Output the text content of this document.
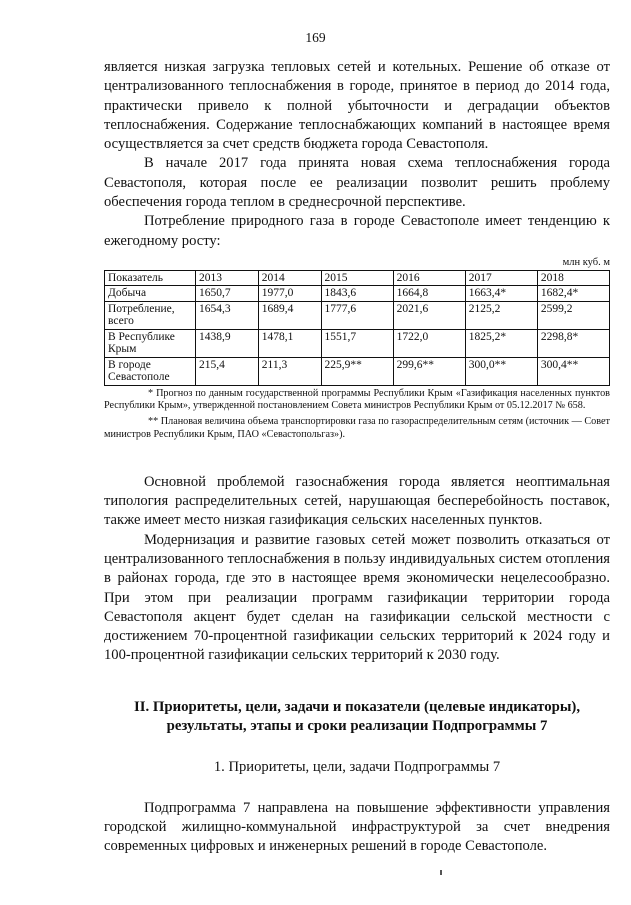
169

является низкая загрузка тепловых сетей и котельных. Решение об отказе от централизованного теплоснабжения в городе, принятое в период до 2014 года, практически привело к полной убыточности и деградации объектов теплоснабжения. Содержание теплоснабжающих компаний в настоящее время осуществляется за счет средств бюджета города Севастополя.

В начале 2017 года принята новая схема теплоснабжения города Севастополя, которая после ее реализации позволит решить проблему обеспечения города теплом в среднесрочной перспективе.

Потребление природного газа в городе Севастополе имеет тенденцию к ежегодному росту:

млн куб. м
Показатель	2013	2014	2015	2016	2017	2018
Добыча	1650,7	1977,0	1843,6	1664,8	1663,4*	1682,4*
Потребление, всего	1654,3	1689,4	1777,6	2021,6	2125,2	2599,2
В Республике Крым	1438,9	1478,1	1551,7	1722,0	1825,2*	2298,8*
В городе Севастополе	215,4	211,3	225,9**	299,6**	300,0**	300,4**

* Прогноз по данным государственной программы Республики Крым «Газификация населенных пунктов Республики Крым», утвержденной постановлением Совета министров Республики Крым от 05.12.2017 № 658.

** Плановая величина объема транспортировки газа по газораспределительным сетям (источник — Совет министров Республики Крым, ПАО «Севастопольгаз»).

Основной проблемой газоснабжения города является неоптимальная типология распределительных сетей, нарушающая бесперебойность поставок, также имеет место низкая газификация сельских населенных пунктов.

Модернизация и развитие газовых сетей может позволить отказаться от централизованного теплоснабжения в пользу индивидуальных систем отопления в районах города, где это в настоящее время экономически нецелесообразно. При этом при реализации программ газификации территории города Севастополя акцент будет сделан на газификации сельской местности с достижением 70-процентной газификации сельских территорий к 2024 году и 100-процентной газификации сельских территорий к 2030 году.

II. Приоритеты, цели, задачи и показатели (целевые индикаторы), результаты, этапы и сроки реализации Подпрограммы 7
1. Приоритеты, цели, задачи Подпрограммы 7

Подпрограмма 7 направлена на повышение эффективности управления городской жилищно-коммунальной инфраструктурой за счет внедрения современных цифровых и инженерных решений в городе Севастополе.
